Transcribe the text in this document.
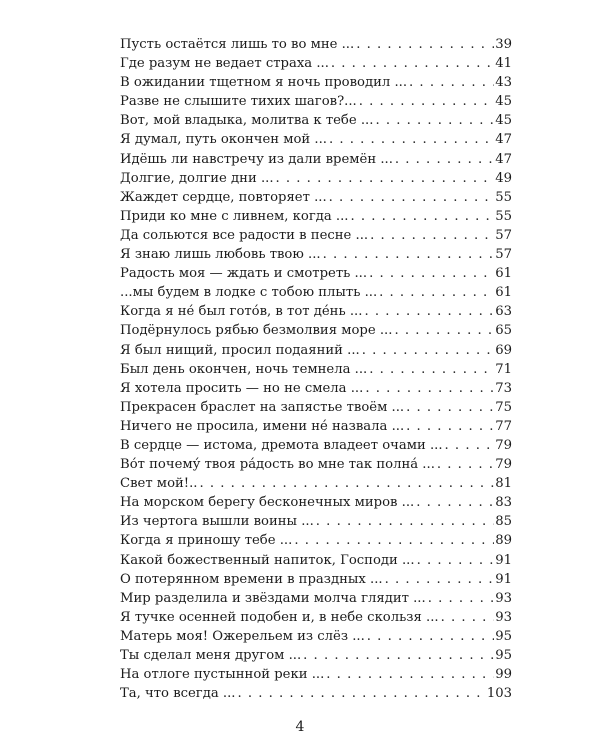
Пусть остаётся лишь то во мне ... . . .	39
Где разум не ведает страха ... . . .	41
В ожидании тщетном я ночь проводил ... . . .	43
Разве не слышите тихих шагов?... . . .	45
Вот, мой владыка, молитва к тебе ... . . .	45
Я думал, путь окончен мой ... . . .	47
Идёшь ли навстречу из дали времён ... . . .	47
Долгие, долгие дни ... . . .	49
Жаждет сердце, повторяет ... . . .	55
Приди ко мне с ливнем, когда ... . . .	55
Да сольются все радости в песне ... . . .	57
Я знаю лишь любовь твою ... . . .	57
Радость моя — ждать и смотреть ... . . .	61
...мы будем в лодке с тобою плыть ... . . .	61
Когда я не́ был гото́в, в тот де́нь ... . . .	63
Подёрнулось рябью безмолвия море ... . . .	65
Я был нищий, просил подаяний ... . . .	69
Был день окончен, ночь темнела ... . . .	71
Я хотела просить — но не смела ... . . .	73
Прекрасен браслет на запястье твоём ... . . .	75
Ничего не просила, имени не́ назвала ... . . .	77
В сердце — истома, дремота владеет очами ... . . .	79
Во́т почему́ твоя ра́дость во мне так полна́ ... . . .	79
Свет мой!.. . . .	81
На морском берегу бесконечных миров ... . . .	83
Из чертога вышли воины ... . . .	85
Когда я приношу тебе ... . . .	89
Какой божественный напиток, Господи ... . . .	91
О потерянном времени в праздных ... . . .	91
Мир разделила и звёздами молча глядит ... . . .	93
Я тучке осенней подобен и, в небе скользя ... . . .	93
Матерь моя! Ожерельем из слёз ... . . .	95
Ты сделал меня другом ... . . .	95
На отлоге пустынной реки ... . . .	99
Та, что всегда ... . . .	103
4
